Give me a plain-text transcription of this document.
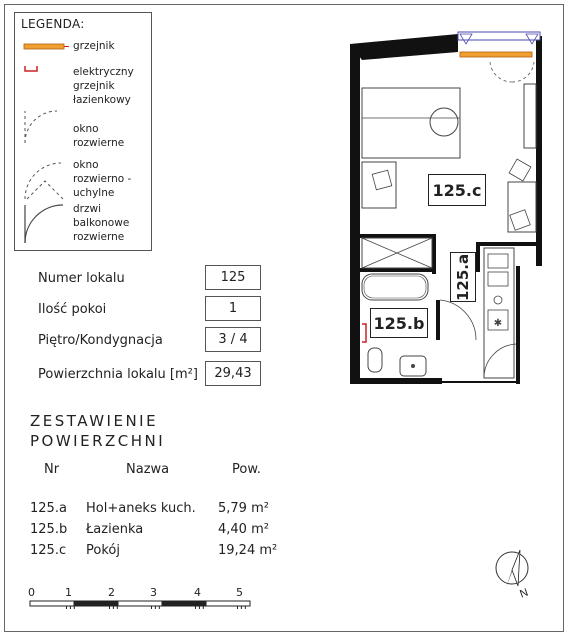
LEGENDA:
grzejnik
elektryczny
grzejnik
łazienkowy
okno
rozwierne
okno
rozwierno -
uchylne
drzwi
balkonowe
rozwierne
Numer lokalu	125
Ilość pokoi	1
Piętro/Kondygnacja	3 / 4
Powierzchnia lokalu [m²]	29,43
ZESTAWIENIE
POWIERZCHNI
Nr	Nazwa	Pow.
125.a Hol+aneks kuch. 5,79 m²
125.b Łazienka	4,40 m²
125.c Pokój	19,24 m²
0	1	2	3	4	5
✱
125.c
125.a
125.b
N
